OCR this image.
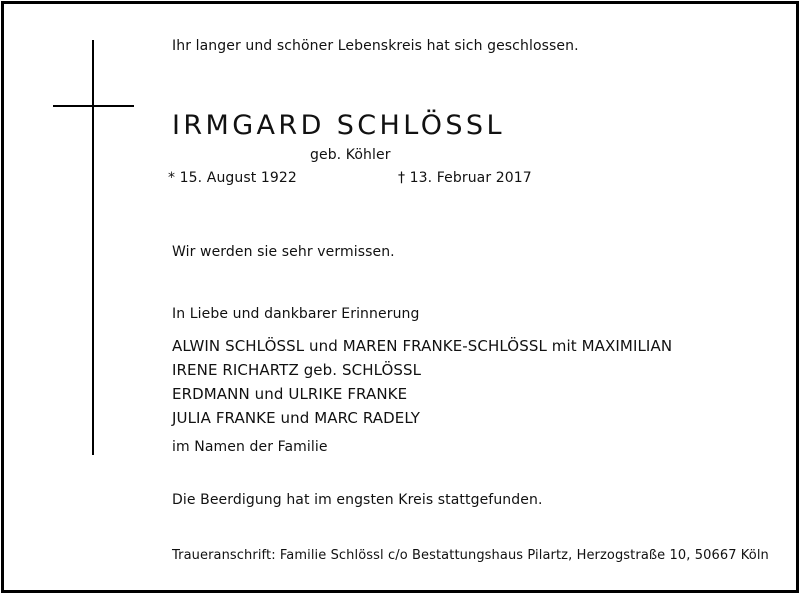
Ihr langer und schöner Lebenskreis hat sich geschlossen.
IRMGARD SCHLÖSSL
geb. Köhler
* 15. August 1922	† 13. Februar 2017
Wir werden sie sehr vermissen.
In Liebe und dankbarer Erinnerung
ALWIN SCHLÖSSL und MAREN FRANKE-SCHLÖSSL mit MAXIMILIAN
IRENE RICHARTZ geb. SCHLÖSSL
ERDMANN und ULRIKE FRANKE
JULIA FRANKE und MARC RADELY
im Namen der Familie
Die Beerdigung hat im engsten Kreis stattgefunden.
Traueranschrift: Familie Schlössl c/o Bestattungshaus Pilartz, Herzogstraße 10, 50667 Köln
